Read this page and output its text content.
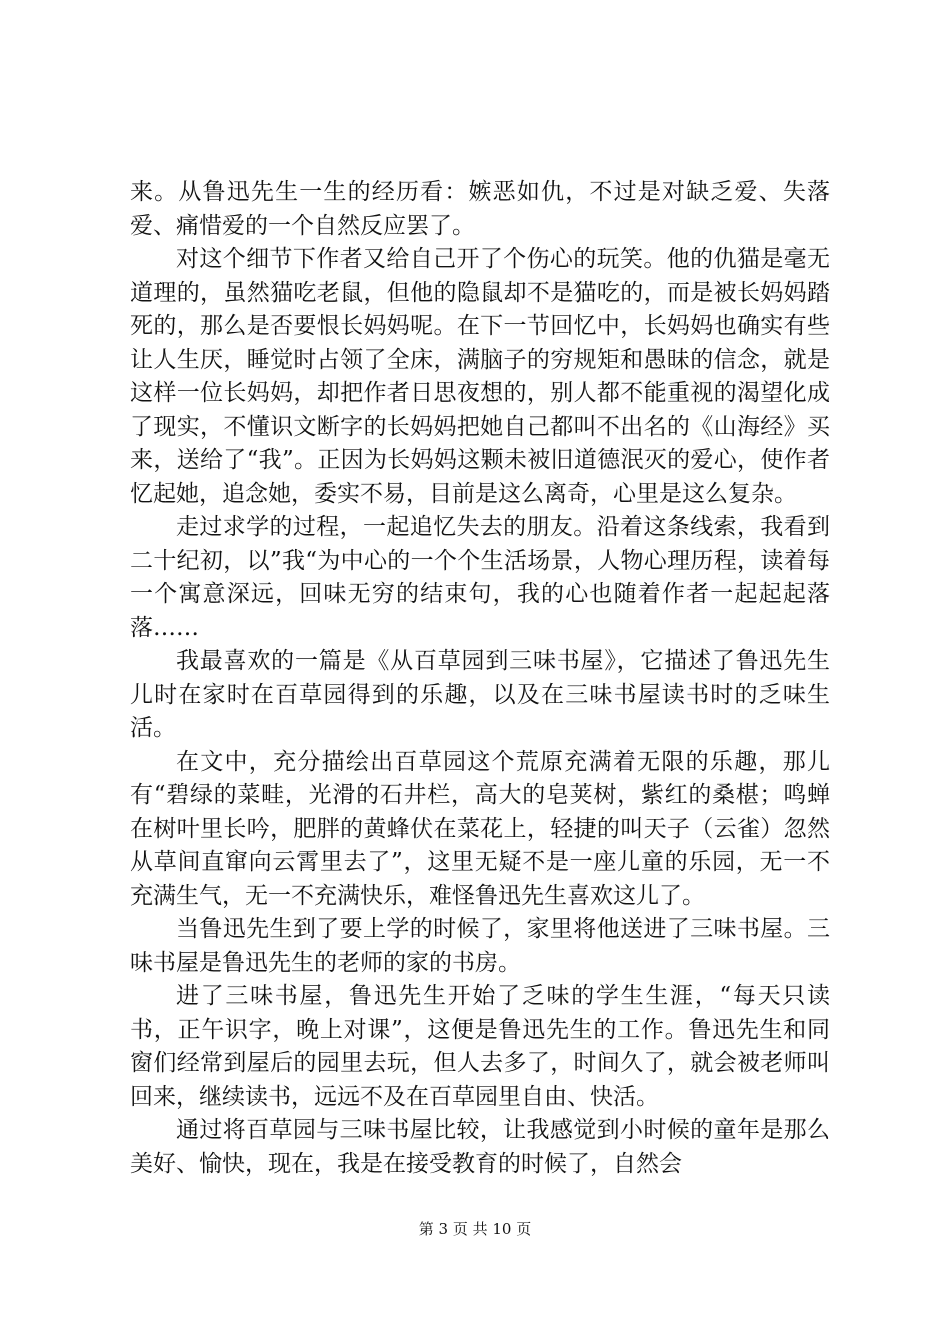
来。从鲁迅先生一生的经历看：嫉恶如仇，不过是对缺乏爱、失落爱、痛惜爱的一个自然反应罢了。

对这个细节下作者又给自己开了个伤心的玩笑。他的仇猫是毫无道理的，虽然猫吃老鼠，但他的隐鼠却不是猫吃的，而是被长妈妈踏死的，那么是否要恨长妈妈呢。在下一节回忆中，长妈妈也确实有些让人生厌，睡觉时占领了全床，满脑子的穷规矩和愚昧的信念，就是这样一位长妈妈，却把作者日思夜想的，别人都不能重视的渴望化成了现实，不懂识文断字的长妈妈把她自己都叫不出名的《山海经》买来，送给了“我”。正因为长妈妈这颗未被旧道德泯灭的爱心，使作者忆起她，追念她，委实不易，目前是这么离奇，心里是这么复杂。

走过求学的过程，一起追忆失去的朋友。沿着这条线索，我看到二十纪初，以”我“为中心的一个个生活场景，人物心理历程，读着每一个寓意深远，回味无穷的结束句，我的心也随着作者一起起起落落……

我最喜欢的一篇是《从百草园到三味书屋》，它描述了鲁迅先生儿时在家时在百草园得到的乐趣，以及在三味书屋读书时的乏味生活。

在文中，充分描绘出百草园这个荒原充满着无限的乐趣，那儿有“碧绿的菜畦，光滑的石井栏，高大的皂荚树，紫红的桑椹；鸣蝉在树叶里长吟，肥胖的黄蜂伏在菜花上，轻捷的叫天子（云雀）忽然从草间直窜向云霄里去了”，这里无疑不是一座儿童的乐园，无一不充满生气，无一不充满快乐，难怪鲁迅先生喜欢这儿了。

当鲁迅先生到了要上学的时候了，家里将他送进了三味书屋。三味书屋是鲁迅先生的老师的家的书房。

进了三味书屋，鲁迅先生开始了乏味的学生生涯，“每天只读书，正午识字，晚上对课”，这便是鲁迅先生的工作。鲁迅先生和同窗们经常到屋后的园里去玩，但人去多了，时间久了，就会被老师叫回来，继续读书，远远不及在百草园里自由、快活。

通过将百草园与三味书屋比较，让我感觉到小时候的童年是那么美好、愉快，现在，我是在接受教育的时候了，自然会

第 3 页 共 10 页
